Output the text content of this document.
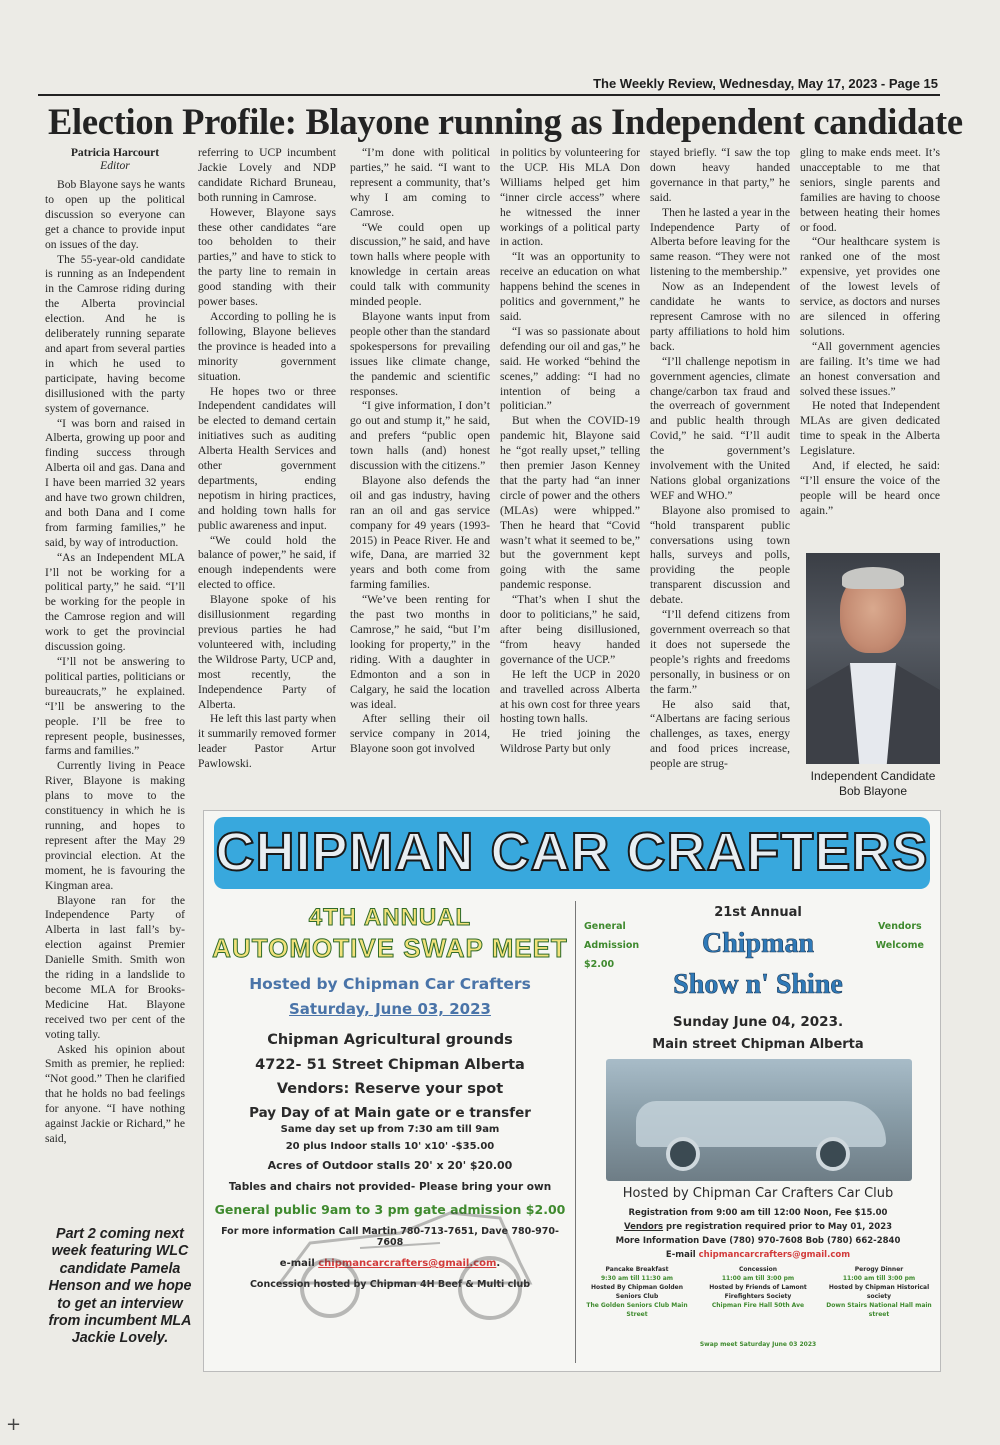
The Weekly Review, Wednesday, May 17, 2023 - Page 15
Election Profile: Blayone running as Independent candidate

Patricia Harcourt
Editor

Bob Blayone says he wants to open up the political discussion so everyone can get a chance to provide input on issues of the day.

The 55-year-old candidate is running as an Independent in the Camrose riding during the Alberta provincial election. And he is deliberately running separate and apart from several parties in which he used to participate, having become disillusioned with the party system of governance.

“I was born and raised in Alberta, growing up poor and finding success through Alberta oil and gas. Dana and I have been married 32 years and have two grown children, and both Dana and I come from farming families,” he said, by way of introduction.

“As an Independent MLA I’ll not be working for a political party,” he said. “I’ll be working for the people in the Camrose region and will work to get the provincial discussion going.

“I’ll not be answering to political parties, politicians or bureaucrats,” he explained. “I’ll be answering to the people. I’ll be free to represent people, businesses, farms and families.”

Currently living in Peace River, Blayone is making plans to move to the constituency in which he is running, and hopes to represent after the May 29 provincial election. At the moment, he is favouring the Kingman area.

Blayone ran for the Independence Party of Alberta in last fall’s by-election against Premier Danielle Smith. Smith won the riding in a landslide to become MLA for Brooks-Medicine Hat. Blayone received two per cent of the voting tally.

Asked his opinion about Smith as premier, he replied: “Not good.” Then he clarified that he holds no bad feelings for anyone. “I have nothing against Jackie or Richard,” he said,

referring to UCP incumbent Jackie Lovely and NDP candidate Richard Bruneau, both running in Camrose.

However, Blayone says these other candidates “are too beholden to their parties,” and have to stick to the party line to remain in good standing with their power bases.

According to polling he is following, Blayone believes the province is headed into a minority government situation.

He hopes two or three Independent candidates will be elected to demand certain initiatives such as auditing Alberta Health Services and other government departments, ending nepotism in hiring practices, and holding town halls for public awareness and input.

“We could hold the balance of power,” he said, if enough independents were elected to office.

Blayone spoke of his disillusionment regarding previous parties he had volunteered with, including the Wildrose Party, UCP and, most recently, the Independence Party of Alberta.

He left this last party when it summarily removed former leader Pastor Artur Pawlowski.

“I’m done with political parties,” he said. “I want to represent a community, that’s why I am coming to Camrose.

“We could open up discussion,” he said, and have town halls where people with knowledge in certain areas could talk with community minded people.

Blayone wants input from people other than the standard spokespersons for prevailing issues like climate change, the pandemic and scientific responses.

“I give information, I don’t go out and stump it,” he said, and prefers “public open town halls (and) honest discussion with the citizens.”

Blayone also defends the oil and gas industry, having ran an oil and gas service company for 49 years (1993-2015) in Peace River. He and wife, Dana, are married 32 years and both come from farming families.

“We’ve been renting for the past two months in Camrose,” he said, “but I’m looking for property,” in the riding. With a daughter in Edmonton and a son in Calgary, he said the location was ideal.

After selling their oil service company in 2014, Blayone soon got involved

in politics by volunteering for the UCP. His MLA Don Williams helped get him “inner circle access” where he witnessed the inner workings of a political party in action.

“It was an opportunity to receive an education on what happens behind the scenes in politics and government,” he said.

“I was so passionate about defending our oil and gas,” he said. He worked “behind the scenes,” adding: “I had no intention of being a politician.”

But when the COVID-19 pandemic hit, Blayone said he “got really upset,” telling then premier Jason Kenney that the party had “an inner circle of power and the others (MLAs) were whipped.” Then he heard that “Covid wasn’t what it seemed to be,” but the government kept going with the same pandemic response.

“That’s when I shut the door to politicians,” he said, after being disillusioned, “from heavy handed governance of the UCP.”

He left the UCP in 2020 and travelled across Alberta at his own cost for three years hosting town halls.

He tried joining the Wildrose Party but only

stayed briefly. “I saw the top down heavy handed governance in that party,” he said.

Then he lasted a year in the Independence Party of Alberta before leaving for the same reason. “They were not listening to the membership.”

Now as an Independent candidate he wants to represent Camrose with no party affiliations to hold him back.

“I’ll challenge nepotism in government agencies, climate change/carbon tax fraud and the overreach of government and public health through Covid,” he said. “I’ll audit the government’s involvement with the United Nations global organizations WEF and WHO.”

Blayone also promised to “hold transparent public conversations using town halls, surveys and polls, providing the people transparent discussion and debate.

“I’ll defend citizens from government overreach so that it does not supersede the people’s rights and freedoms personally, in business or on the farm.”

He also said that, “Albertans are facing serious challenges, as taxes, energy and food prices increase, people are strug-

gling to make ends meet. It’s unacceptable to me that seniors, single parents and families are having to choose between heating their homes or food.

“Our healthcare system is ranked one of the most expensive, yet provides one of the lowest levels of service, as doctors and nurses are silenced in offering solutions.

“All government agencies are failing. It’s time we had an honest conversation and solved these issues.”

He noted that Independent MLAs are given dedicated time to speak in the Alberta Legislature.

And, if elected, he said: “I’ll ensure the voice of the people will be heard once again.”

Independent Candidate
Bob Blayone
Part 2 coming next week featuring WLC candidate Pamela Henson and we hope to get an interview from incumbent MLA Jackie Lovely.
CHIPMAN CAR CRAFTERS
4TH ANNUAL
AUTOMOTIVE SWAP MEET
Hosted by Chipman Car Crafters
Saturday, June 03, 2023
Chipman Agricultural grounds
4722- 51 Street Chipman Alberta
Vendors: Reserve your spot
Pay Day of at Main gate or e transfer
Same day set up from 7:30 am till 9am
20 plus Indoor stalls 10' x10' -$35.00
Acres of Outdoor stalls 20' x 20' $20.00
Tables and chairs not provided- Please bring your own
General public 9am to 3 pm gate admission $2.00
For more information Call Martin 780-713-7651, Dave 780-970-7608
e-mail chipmancarcrafters@gmail.com.
Concession hosted by Chipman 4H Beef & Multi club
21st Annual
General
Admission
$2.00
Vendors
Welcome
Chipman
Show n' Shine
Sunday June 04, 2023.
Main street Chipman Alberta
Hosted by Chipman Car Crafters Car Club
Registration from 9:00 am till 12:00 Noon, Fee $15.00
Vendors pre registration required prior to May 01, 2023
More Information Dave (780) 970-7608 Bob (780) 662-2840
E-mail chipmancarcrafters@gmail.com
Pancake Breakfast
9:30 am till 11:30 am
Hosted By Chipman Golden Seniors Club
The Golden Seniors Club Main Street
Concession
11:00 am till 3:00 pm
Hosted by Friends of Lamont Firefighters Society
Chipman Fire Hall 50th Ave
Perogy Dinner
11:00 am till 3:00 pm
Hosted by Chipman Historical society
Down Stairs National Hall main street
Swap meet Saturday June 03 2023
+
